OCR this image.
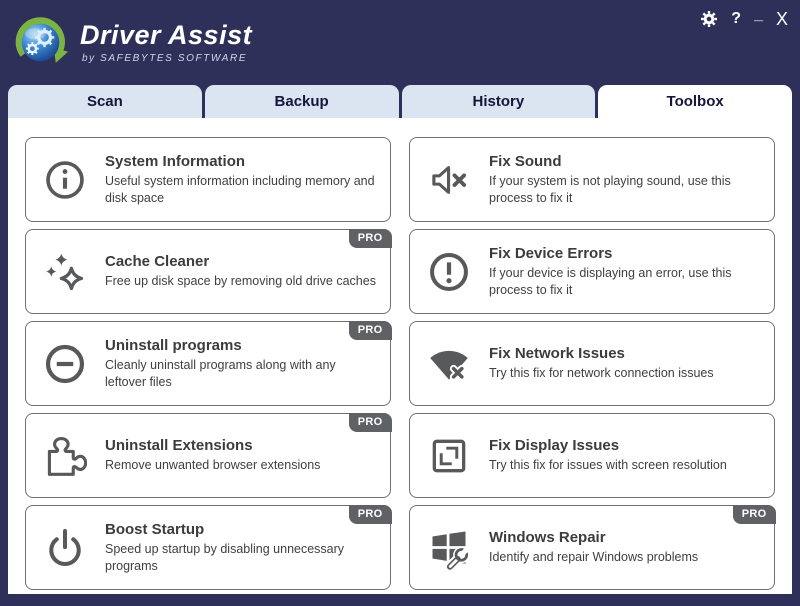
Driver Assist
by SAFEBYTES SOFTWARE
? _ X
Scan	Backup	History	Toolbox
System Information
Useful system information including memory and disk space
Cache Cleaner
Free up disk space by removing old drive caches
PRO
Uninstall programs
Cleanly uninstall programs along with any leftover files
PRO
Uninstall Extensions
Remove unwanted browser extensions
PRO
Boost Startup
Speed up startup by disabling unnecessary programs
PRO
Fix Sound
If your system is not playing sound, use this process to fix it
Fix Device Errors
If your device is displaying an error, use this process to fix it
Fix Network Issues
Try this fix for network connection issues
Fix Display Issues
Try this fix for issues with screen resolution
Windows Repair
Identify and repair Windows problems
PRO
